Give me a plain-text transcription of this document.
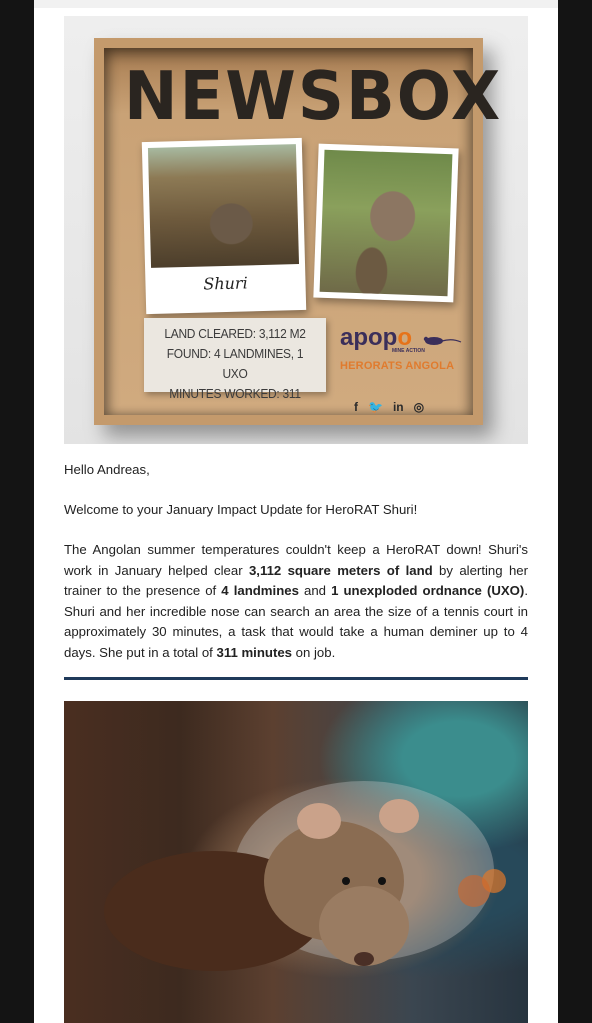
NEWSBOX
Shuri
LAND CLEARED: 3,112 M2
FOUND: 4 LANDMINES, 1 UXO
MINUTES WORKED: 311
apopo
MINE ACTION
HERORATS ANGOLA
f 🐦 in ◎
Hello Andreas,
Welcome to your January Impact Update for HeroRAT Shuri!
The Angolan summer temperatures couldn't keep a HeroRAT down! Shuri's work in January helped clear 3,112 square meters of land by alerting her trainer to the presence of 4 landmines and 1 unexploded ordnance (UXO). Shuri and her incredible nose can search an area the size of a tennis court in approximately 30 minutes, a task that would take a human deminer up to 4 days. She put in a total of 311 minutes on job.
